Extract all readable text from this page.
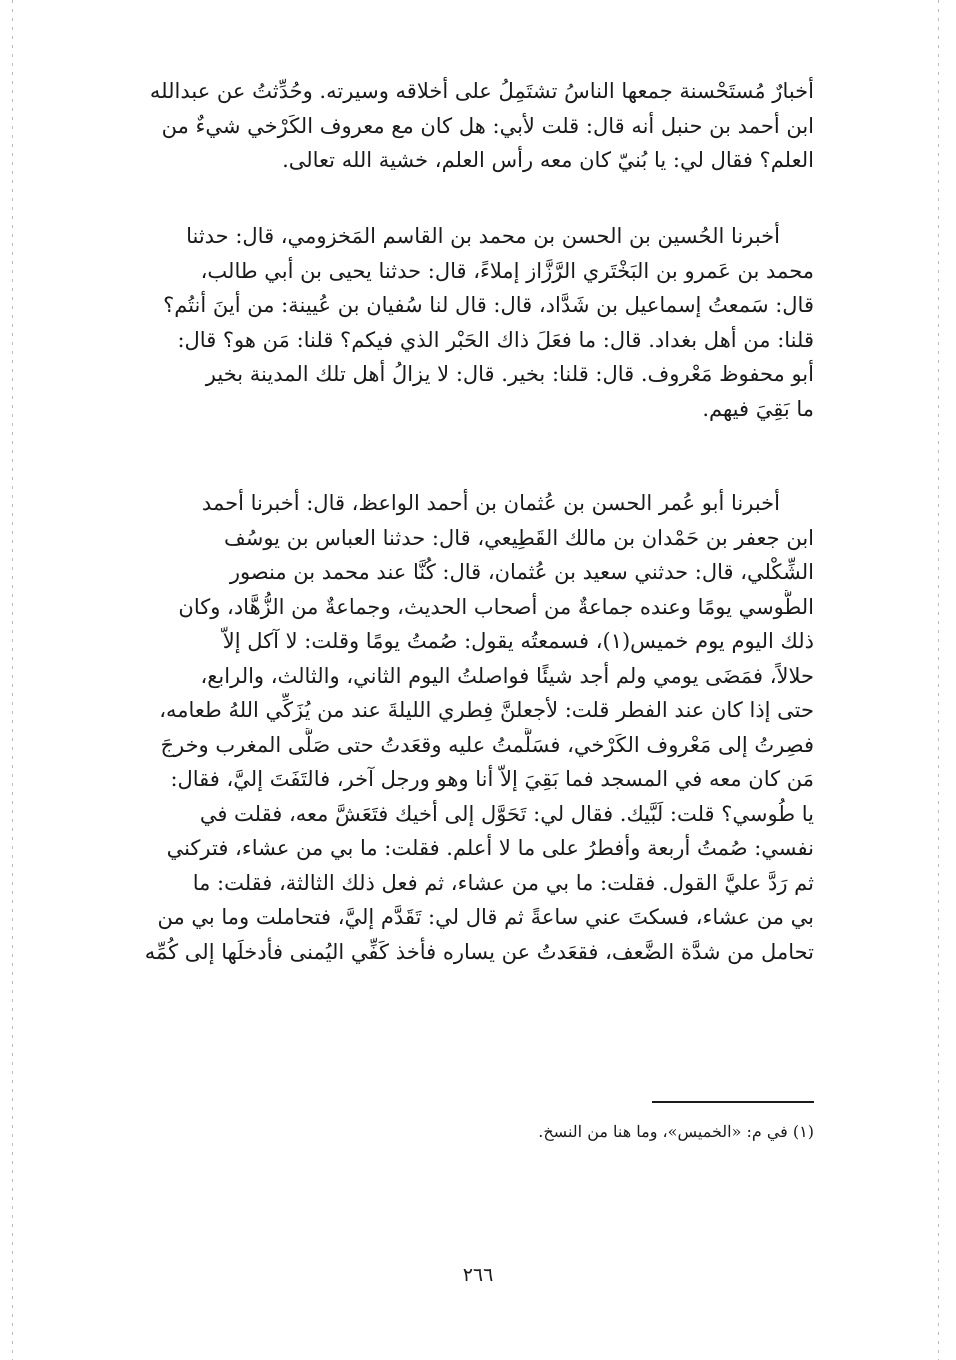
أخبارٌ مُستَحْسنة جمعها الناسُ تشتَمِلُ على أخلاقه وسيرته. وحُدِّثتُ عن عبدالله
ابن أحمد بن حنبل أنه قال: قلت لأبي: هل كان مع معروف الكَرْخي شيءٌ من
العلم؟ فقال لي: يا بُنيّ كان معه رأس العلم، خشية الله تعالى.
أخبرنا الحُسين بن الحسن بن محمد بن القاسم المَخزومي، قال: حدثنا
محمد بن عَمرو بن البَخْتَري الرَّزَّاز إملاءً، قال: حدثنا يحيى بن أبي طالب،
قال: سَمعتُ إسماعيل بن شَدَّاد، قال: قال لنا سُفيان بن عُيينة: من أينَ أنتُم؟
قلنا: من أهل بغداد. قال: ما فعَلَ ذاك الحَبْر الذي فيكم؟ قلنا: مَن هو؟ قال:
أبو محفوظ مَعْروف. قال: قلنا: بخير. قال: لا يزالُ أهل تلك المدينة بخير
ما بَقِيَ فيهم.
أخبرنا أبو عُمر الحسن بن عُثمان بن أحمد الواعظ، قال: أخبرنا أحمد
ابن جعفر بن حَمْدان بن مالك القَطِيعي، قال: حدثنا العباس بن يوسُف
الشِّكْلي، قال: حدثني سعيد بن عُثمان، قال: كُنَّا عند محمد بن منصور
الطُّوسي يومًا وعنده جماعةٌ من أصحاب الحديث، وجماعةٌ من الزُّهَّاد، وكان
ذلك اليوم يوم خميس(١)، فسمعتُه يقول: صُمتُ يومًا وقلت: لا آكل إلاّ
حلالاً، فمَضَى يومي ولم أجد شيئًا فواصلتُ اليوم الثاني، والثالث، والرابع،
حتى إذا كان عند الفطر قلت: لأجعلنَّ فِطري الليلةَ عند من يُزَكِّي اللهُ طعامه،
فصِرتُ إلى مَعْروف الكَرْخي، فسَلَّمتُ عليه وقعَدتُ حتى صَلَّى المغرب وخرجَ
مَن كان معه في المسجد فما بَقِيَ إلاّ أنا وهو ورجل آخر، فالتَفَتَ إليَّ، فقال:
يا طُوسي؟ قلت: لَبَّيك. فقال لي: تَحَوَّل إلى أخيك فتَعَشَّ معه، فقلت في
نفسي: صُمتُ أربعة وأفطرُ على ما لا أعلم. فقلت: ما بي من عشاء، فتركني
ثم رَدَّ عليَّ القول. فقلت: ما بي من عشاء، ثم فعل ذلك الثالثة، فقلت: ما
بي من عشاء، فسكتَ عني ساعةً ثم قال لي: تَقَدَّم إليَّ، فتحاملت وما بي من
تحامل من شدَّة الضَّعف، فقعَدتُ عن يساره فأخذ كَفِّي اليُمنى فأدخلَها إلى كُمِّه
(١) في م: «الخميس»، وما هنا من النسخ.
٢٦٦
